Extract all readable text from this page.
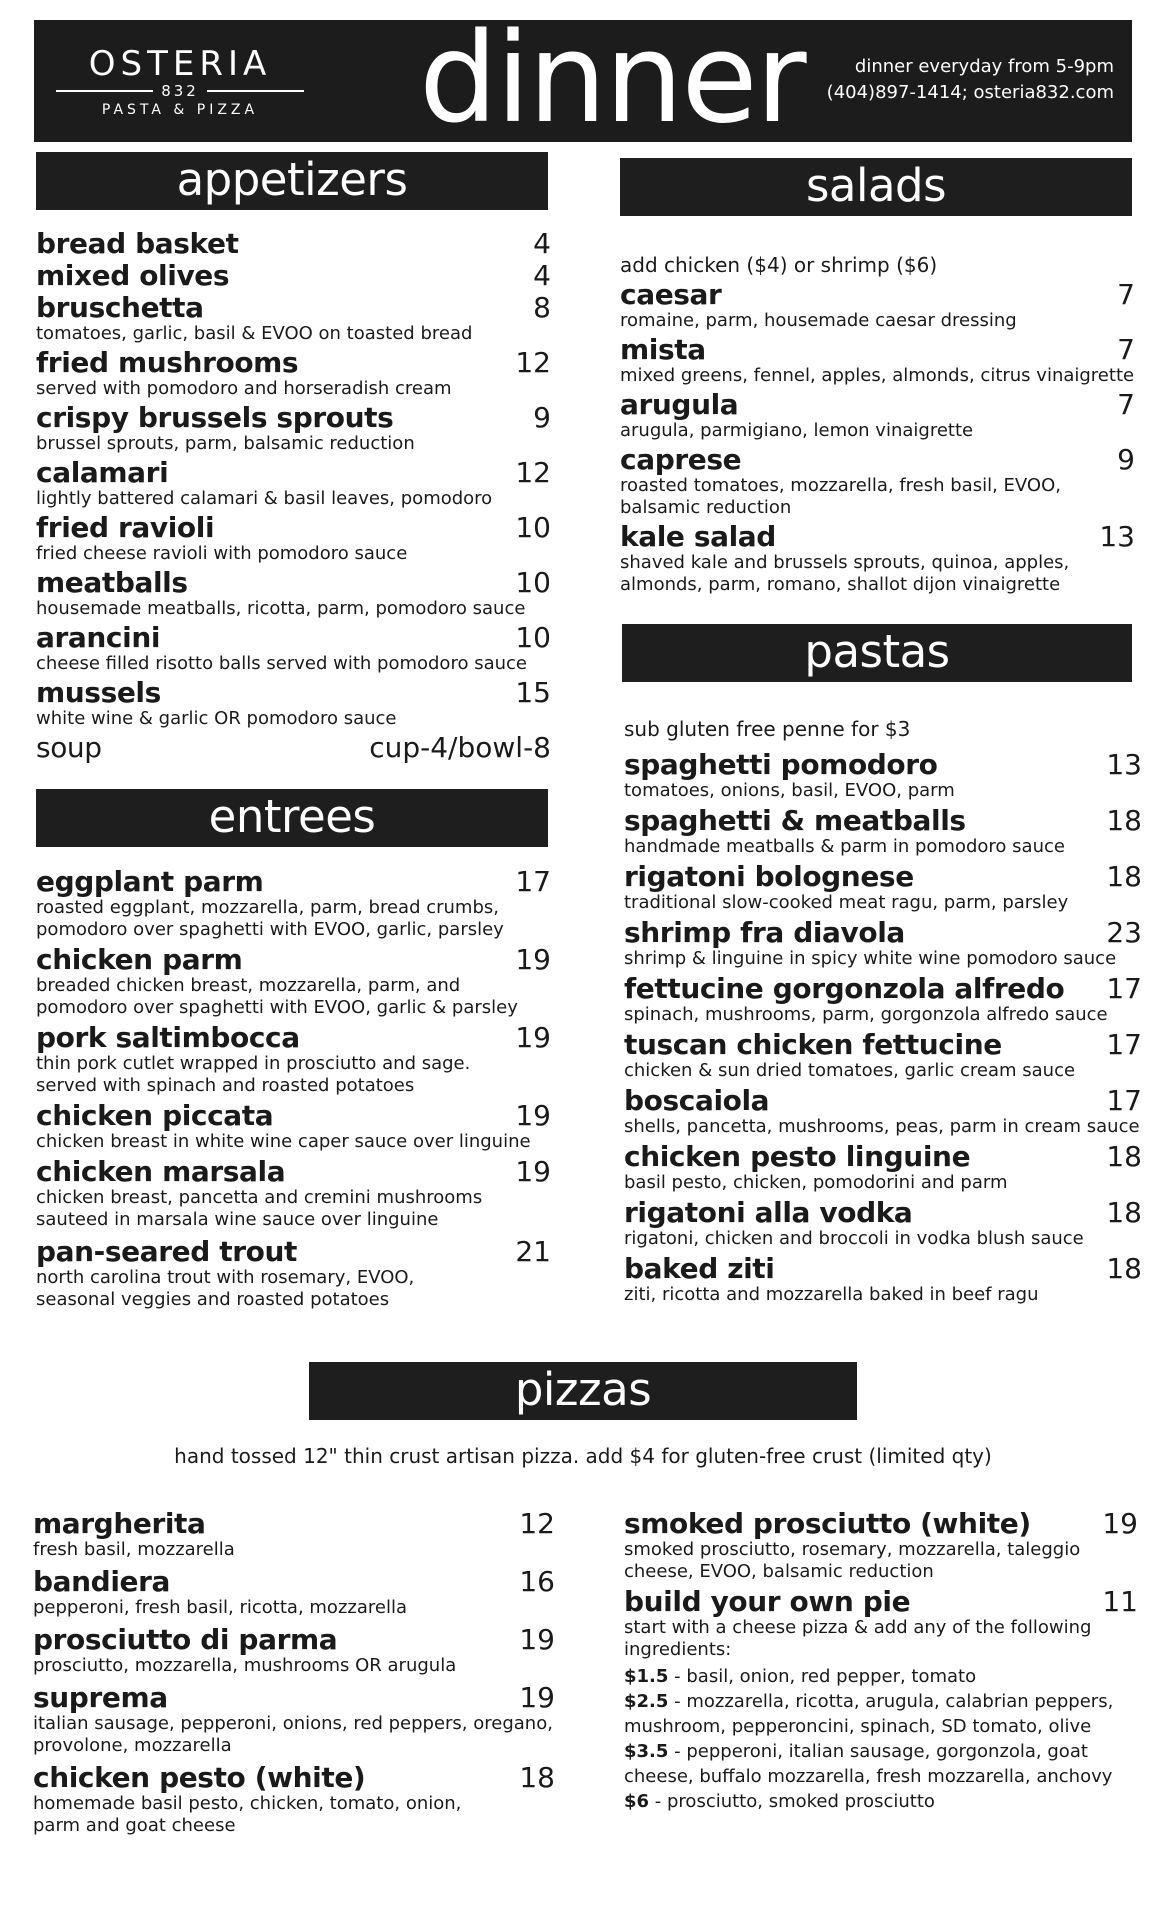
OSTERIA
832
PASTA & PIZZA	dinner	dinner everyday from 5-9pm
(404)897-1414; osteria832.com
appetizers
bread basket	4
mixed olives	4
bruschetta	8
tomatoes, garlic, basil & EVOO on toasted bread
fried mushrooms	12
served with pomodoro and horseradish cream
crispy brussels sprouts	9
brussel sprouts, parm, balsamic reduction
calamari	12
lightly battered calamari & basil leaves, pomodoro
fried ravioli	10
fried cheese ravioli with pomodoro sauce
meatballs	10
housemade meatballs, ricotta, parm, pomodoro sauce
arancini	10
cheese filled risotto balls served with pomodoro sauce
mussels	15
white wine & garlic OR pomodoro sauce
soup	cup-4/bowl-8
entrees
eggplant parm	17
roasted eggplant, mozzarella, parm, bread crumbs,
pomodoro over spaghetti with EVOO, garlic, parsley
chicken parm	19
breaded chicken breast, mozzarella, parm, and
pomodoro over spaghetti with EVOO, garlic & parsley
pork saltimbocca	19
thin pork cutlet wrapped in prosciutto and sage.
served with spinach and roasted potatoes
chicken piccata	19
chicken breast in white wine caper sauce over linguine
chicken marsala	19
chicken breast, pancetta and cremini mushrooms
sauteed in marsala wine sauce over linguine
pan-seared trout	21
north carolina trout with rosemary, EVOO,
seasonal veggies and roasted potatoes
salads
add chicken ($4) or shrimp ($6)
caesar	7
romaine, parm, housemade caesar dressing
mista	7
mixed greens, fennel, apples, almonds, citrus vinaigrette
arugula	7
arugula, parmigiano, lemon vinaigrette
caprese	9
roasted tomatoes, mozzarella, fresh basil, EVOO,
balsamic reduction
kale salad	13
shaved kale and brussels sprouts, quinoa, apples,
almonds, parm, romano, shallot dijon vinaigrette
pastas
sub gluten free penne for $3
spaghetti pomodoro	13
tomatoes, onions, basil, EVOO, parm
spaghetti & meatballs	18
handmade meatballs & parm in pomodoro sauce
rigatoni bolognese	18
traditional slow-cooked meat ragu, parm, parsley
shrimp fra diavola	23
shrimp & linguine in spicy white wine pomodoro sauce
fettucine gorgonzola alfredo	17
spinach, mushrooms, parm, gorgonzola alfredo sauce
tuscan chicken fettucine	17
chicken & sun dried tomatoes, garlic cream sauce
boscaiola	17
shells, pancetta, mushrooms, peas, parm in cream sauce
chicken pesto linguine	18
basil pesto, chicken, pomodorini and parm
rigatoni alla vodka	18
rigatoni, chicken and broccoli in vodka blush sauce
baked ziti	18
ziti, ricotta and mozzarella baked in beef ragu
pizzas
hand tossed 12" thin crust artisan pizza. add $4 for gluten-free crust (limited qty)
margherita	12
fresh basil, mozzarella
bandiera	16
pepperoni, fresh basil, ricotta, mozzarella
prosciutto di parma	19
prosciutto, mozzarella, mushrooms OR arugula
suprema	19
italian sausage, pepperoni, onions, red peppers, oregano,
provolone, mozzarella
chicken pesto (white)	18
homemade basil pesto, chicken, tomato, onion,
parm and goat cheese
smoked prosciutto (white)	19
smoked prosciutto, rosemary, mozzarella, taleggio
cheese, EVOO, balsamic reduction
build your own pie	11
start with a cheese pizza & add any of the following
ingredients:
$1.5 - basil, onion, red pepper, tomato
$2.5 - mozzarella, ricotta, arugula, calabrian peppers,
mushroom, pepperoncini, spinach, SD tomato, olive
$3.5 - pepperoni, italian sausage, gorgonzola, goat
cheese, buffalo mozzarella, fresh mozzarella, anchovy
$6 - prosciutto, smoked prosciutto
